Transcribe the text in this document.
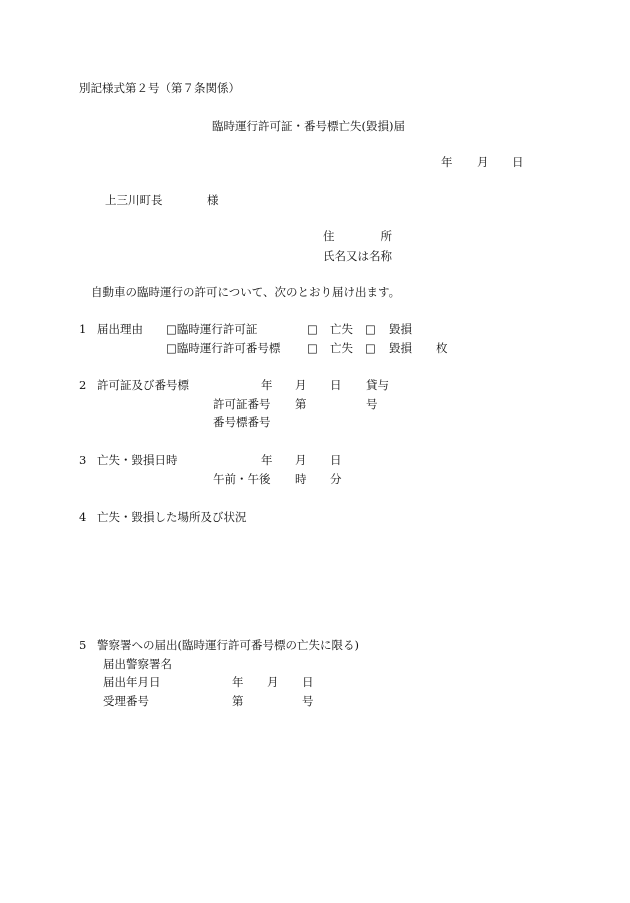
別記様式第２号（第７条関係）
臨時運行許可証・番号標亡失(毀損)届
年 月 日
上三川町長	様
住　　　　所
氏名又は名称
自動車の臨時運行の許可について、次のとおり届け出ます。
1 届出理由 □臨時運行許可証	□ 亡失 □ 毀損
□臨時運行許可番号標 □ 亡失 □ 毀損 枚
2 許可証及び番号標	年 月 日 貸与
許可証番号 第	号
番号標番号
3 亡失・毀損日時	年 月 日
午前・午後 時 分
4 亡失・毀損した場所及び状況
5 警察署への届出(臨時運行許可番号標の亡失に限る)
届出警察署名
届出年月日	年 月 日
受理番号	第	号
